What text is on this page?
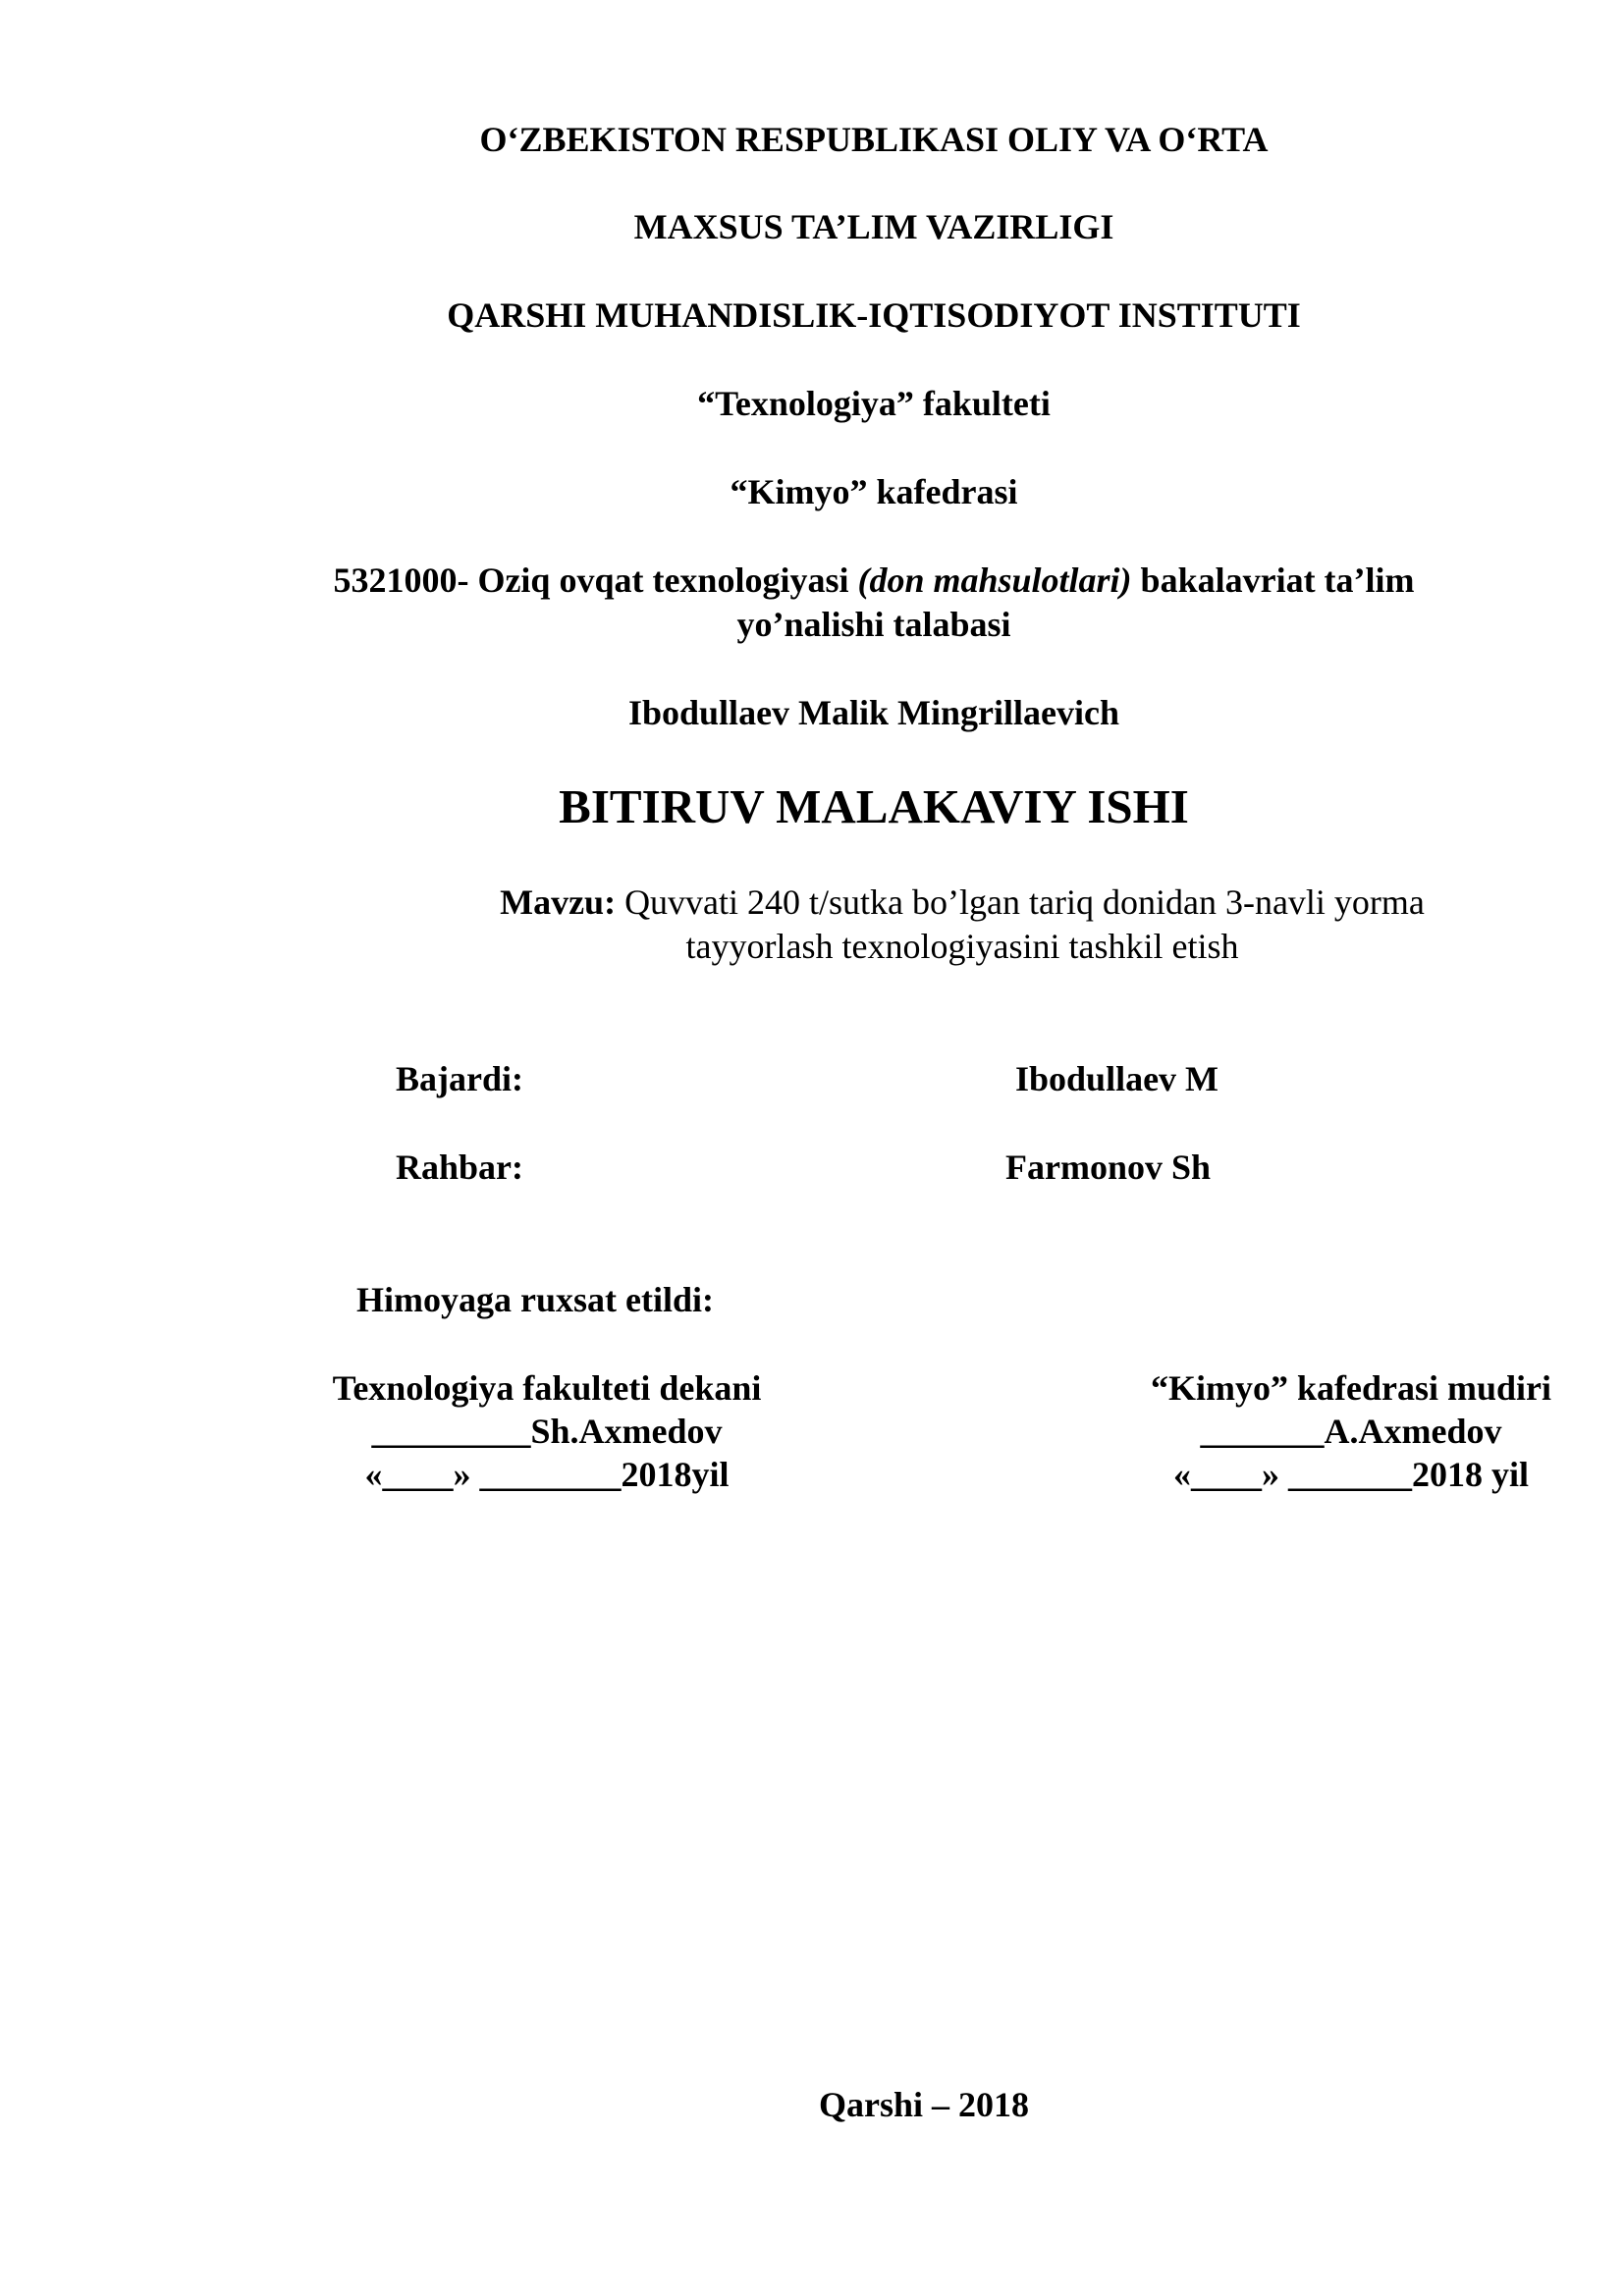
O‘ZBEKISTON RESPUBLIKASI OLIY VA O‘RTA
MAXSUS TA’LIM VAZIRLIGI
QARSHI MUHANDISLIK-IQTISODIYOT INSTITUTI
“Texnologiya” fakulteti
“Kimyo” kafedrasi
5321000- Oziq ovqat texnologiyasi (don mahsulotlari) bakalavriat ta’lim
yo’nalishi talabasi
Ibodullaev Malik Mingrillaevich
BITIRUV MALAKAVIY ISHI
Mavzu: Quvvati 240 t/sutka bo’lgan tariq donidan 3-navli yorma
tayyorlash texnologiyasini tashkil etish
Bajardi:	Ibodullaev M
Rahbar:	Farmonov Sh
Himoyaga ruxsat etildi:
Texnologiya fakulteti dekani
_________Sh.Axmedov
«____» ________2018yil
“Kimyo” kafedrasi mudiri
_______A.Axmedov
«____» _______2018 yil
Qarshi – 2018
